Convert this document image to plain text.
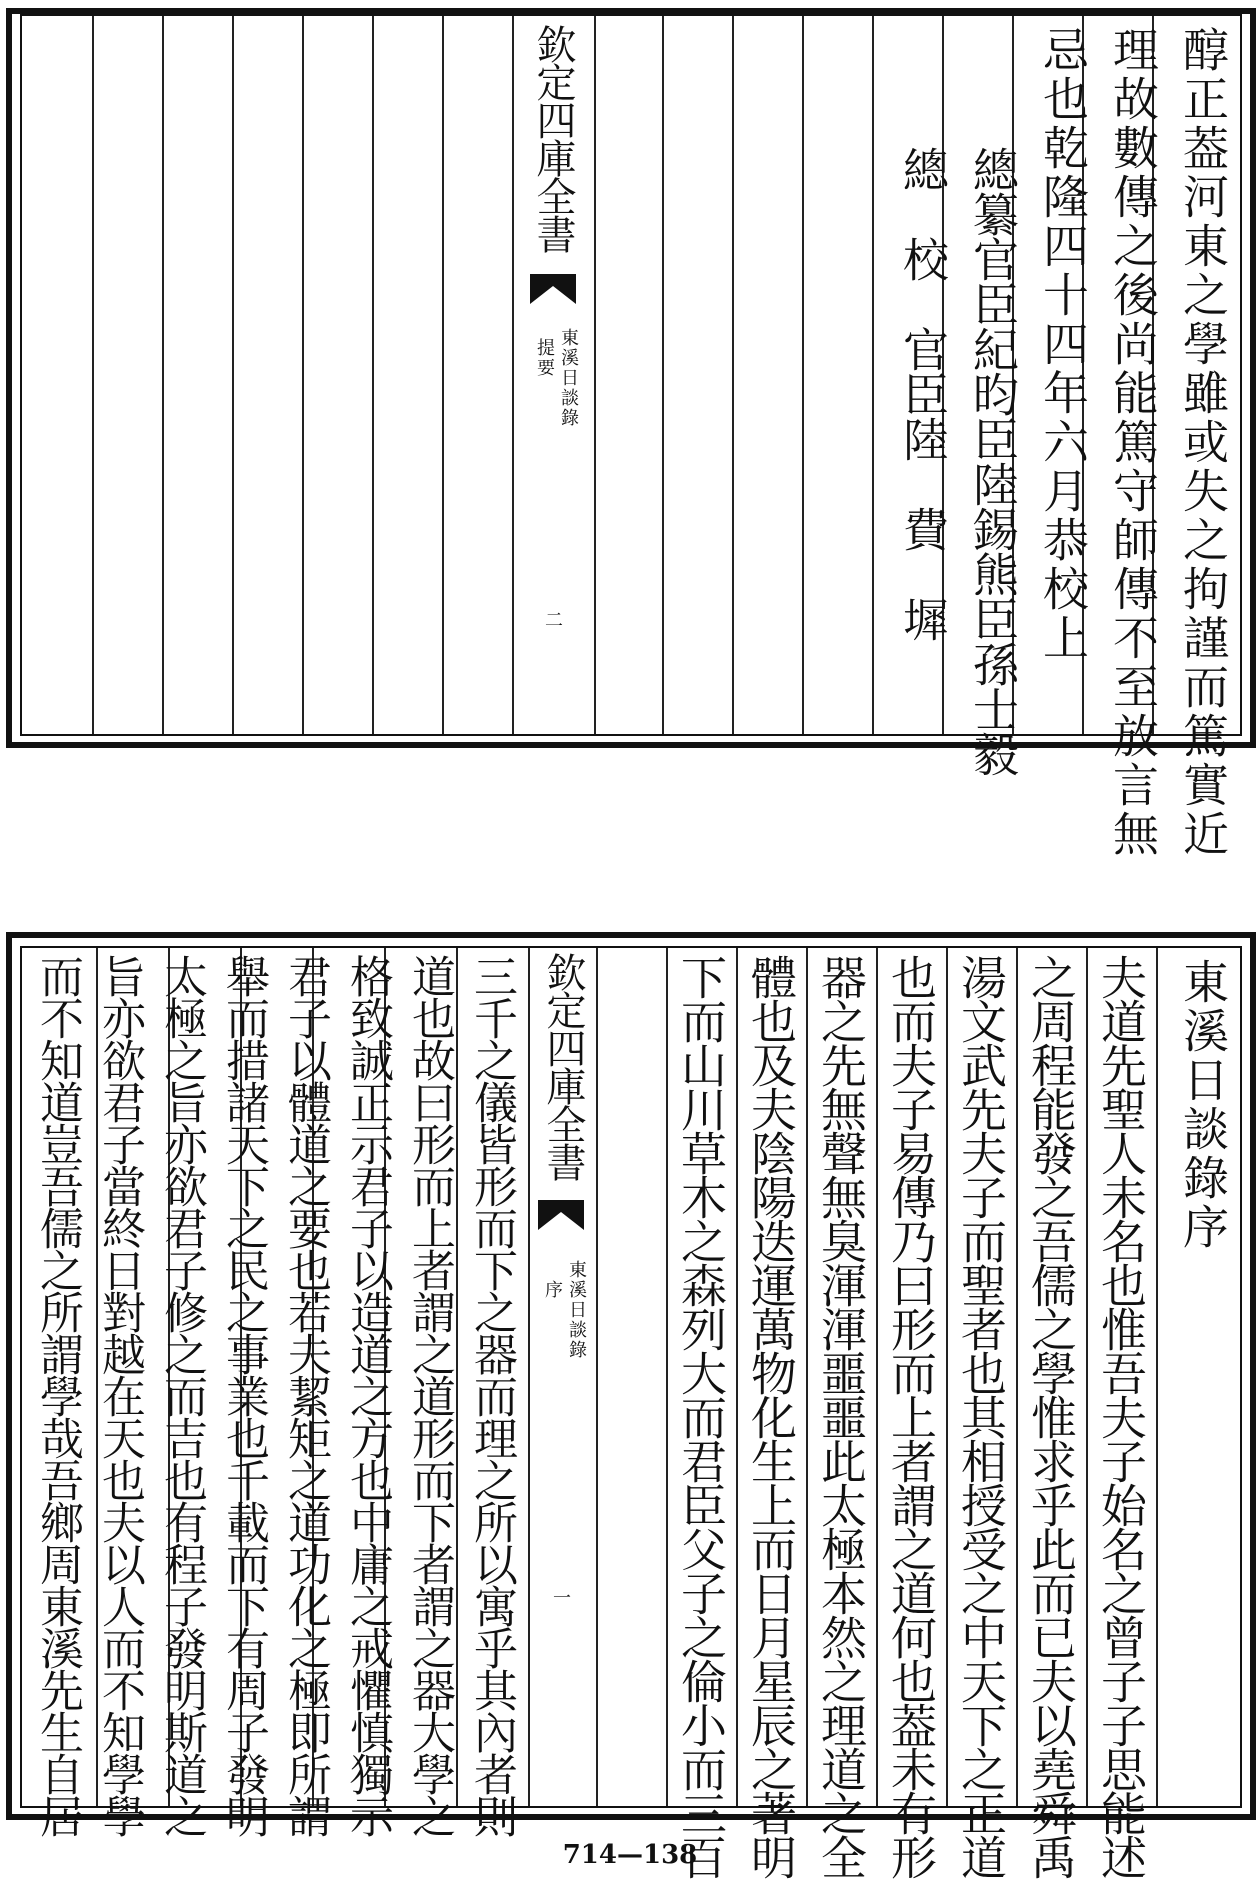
欽定四庫全書
東溪日談錄
提要
二	醇正葢河東之學雖或失之拘謹而篤實近
理故數傳之後尚能篤守師傳不至放言無
忌也乾隆四十四年六月恭校上
總纂官臣紀昀臣陸錫熊臣孫士毅
總　校　官臣陸　費　墀
欽定四庫全書
東溪日談錄
序
一
東溪日談錄序
夫道先聖人未名也惟吾夫子始名之曾子子思能述
之周程能發之吾儒之學惟求乎此而已夫以堯舜禹
湯文武先夫子而聖者也其相授受之中天下之正道
也而夫子易傳乃曰形而上者謂之道何也葢未有形
器之先無聲無臭渾渾噩噩此太極本然之理道之全
體也及夫陰陽迭運萬物化生上而日月星辰之著明
下而山川草木之森列大而君臣父子之倫小而三百
三千之儀皆形而下之器而理之所以寓乎其內者則
道也故曰形而上者謂之道形而下者謂之器大學之
格致誠正示君子以造道之方也中庸之戒懼慎獨示
君子以體道之要也若夫絜矩之道功化之極即所謂
舉而措諸天下之民之事業也千載而下有周子發明
太極之旨亦欲君子修之而吉也有程子發明斯道之
旨亦欲君子當終日對越在天也夫以人而不知學學
而不知道豈吾儒之所謂學哉吾鄉周東溪先生自居
714—138
